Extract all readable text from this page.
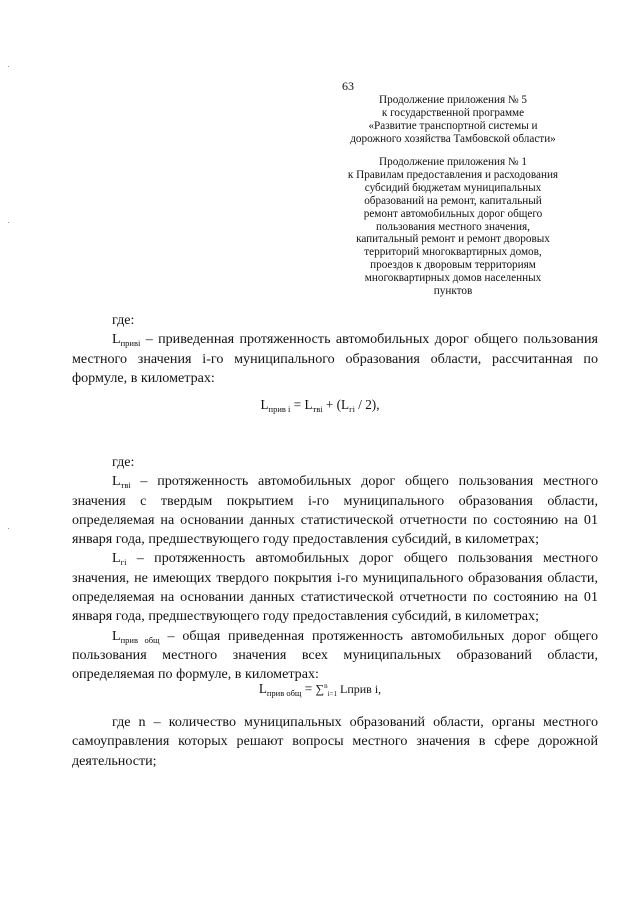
63
Продолжение приложения № 5
к государственной программе
«Развитие транспортной системы и
дорожного хозяйства Тамбовской области»
Продолжение приложения № 1
к Правилам предоставления и расходования
субсидий бюджетам муниципальных
образований на ремонт, капитальный
ремонт автомобильных дорог общего
пользования местного значения,
капитальный ремонт и ремонт дворовых
территорий многоквартирных домов,
проездов к дворовым территориям
многоквартирных домов населенных
пунктов

где:

$L_{привi}$ – приведенная протяженность автомобильных дорог общего пользования местного значения i-го муниципального образования области, рассчитанная по формуле, в километрах:

$L_{прив i} = L_{твi} + (L_{гi} / 2)$,

где:

$L_{твi}$ – протяженность автомобильных дорог общего пользования местного значения с твердым покрытием i-го муниципального образования области, определяемая на основании данных статистической отчетности по состоянию на 01 января года, предшествующего году предоставления субсидий, в километрах;

$L_{гi}$ – протяженность автомобильных дорог общего пользования местного значения, не имеющих твердого покрытия i-го муниципального образования области, определяемая на основании данных статистической отчетности по состоянию на 01 января года, предшествующего году предоставления субсидий, в километрах;

$L_{прив общ}$ – общая приведенная протяженность автомобильных дорог общего пользования местного значения всех муниципальных образований области, определяемая по формуле, в километрах:

$L_{прив общ} = \sum^n_{i=1}$ Lприв i,

где n – количество муниципальных образований области, органы местного самоуправления которых решают вопросы местного значения в сфере дорожной деятельности;
